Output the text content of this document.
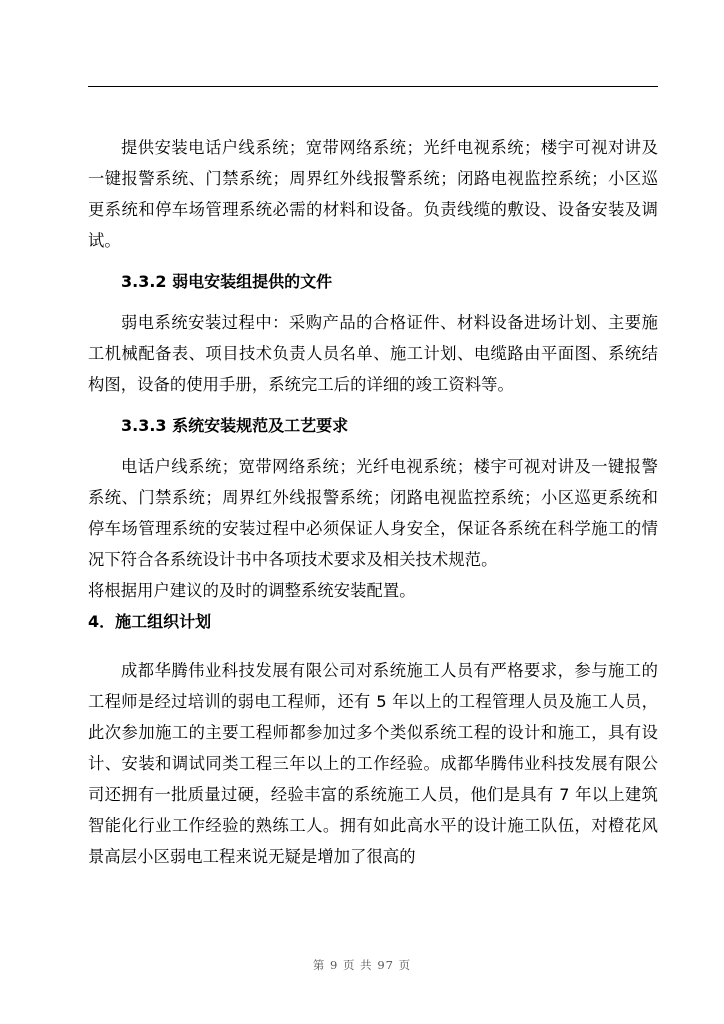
提供安装电话户线系统；宽带网络系统；光纤电视系统；楼宇可视对讲及一键报警系统、门禁系统；周界红外线报警系统；闭路电视监控系统；小区巡更系统和停车场管理系统必需的材料和设备。负责线缆的敷设、设备安装及调试。

3.3.2 弱电安装组提供的文件

弱电系统安装过程中：采购产品的合格证件、材料设备进场计划、主要施工机械配备表、项目技术负责人员名单、施工计划、电缆路由平面图、系统结构图，设备的使用手册，系统完工后的详细的竣工资料等。

3.3.3 系统安装规范及工艺要求

电话户线系统；宽带网络系统；光纤电视系统；楼宇可视对讲及一键报警系统、门禁系统；周界红外线报警系统；闭路电视监控系统；小区巡更系统和停车场管理系统的安装过程中必须保证人身安全，保证各系统在科学施工的情况下符合各系统设计书中各项技术要求及相关技术规范。

将根据用户建议的及时的调整系统安装配置。

4．施工组织计划

成都华腾伟业科技发展有限公司对系统施工人员有严格要求，参与施工的工程师是经过培训的弱电工程师，还有 5 年以上的工程管理人员及施工人员，此次参加施工的主要工程师都参加过多个类似系统工程的设计和施工，具有设计、安装和调试同类工程三年以上的工作经验。成都华腾伟业科技发展有限公司还拥有一批质量过硬，经验丰富的系统施工人员，他们是具有 7 年以上建筑智能化行业工作经验的熟练工人。拥有如此高水平的设计施工队伍，对橙花风景高层小区弱电工程来说无疑是增加了很高的

第 9 页 共 97 页
